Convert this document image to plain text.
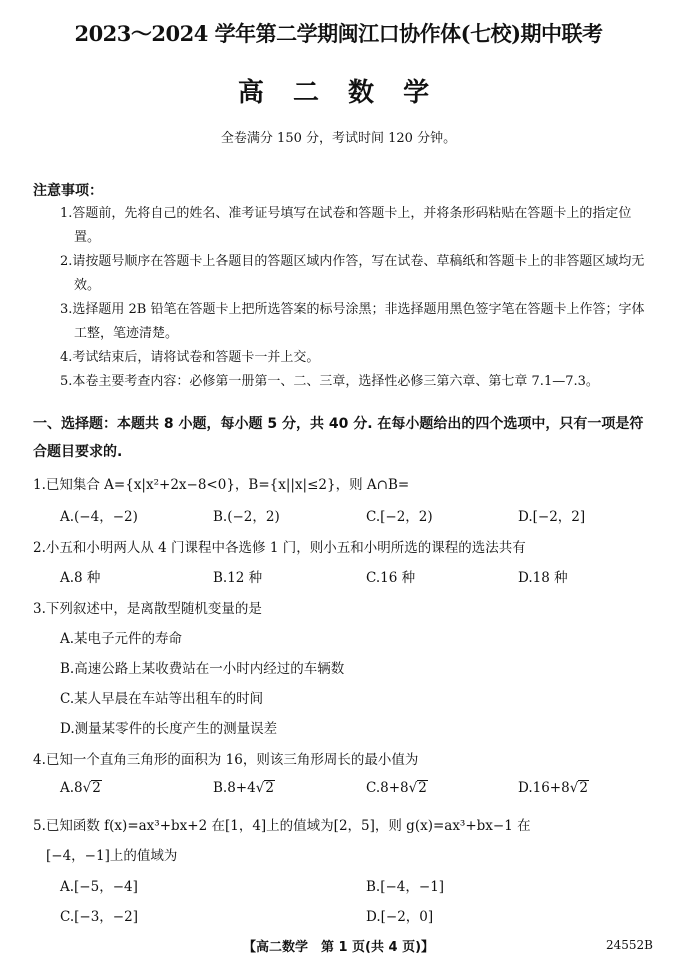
2023～2024 学年第二学期闽江口协作体(七校)期中联考
高 二 数 学
全卷满分 150 分，考试时间 120 分钟。
注意事项：

1.答题前，先将自己的姓名、准考证号填写在试卷和答题卡上，并将条形码粘贴在答题卡上的指定位置。

2.请按题号顺序在答题卡上各题目的答题区域内作答，写在试卷、草稿纸和答题卡上的非答题区域均无效。

3.选择题用 2B 铅笔在答题卡上把所选答案的标号涂黑；非选择题用黑色签字笔在答题卡上作答；字体工整，笔迹清楚。

4.考试结束后，请将试卷和答题卡一并上交。

5.本卷主要考查内容：必修第一册第一、二、三章，选择性必修三第六章、第七章 7.1—7.3。

一、选择题：本题共 8 小题，每小题 5 分，共 40 分. 在每小题给出的四个选项中，只有一项是符合题目要求的.
1.已知集合 A={x|x²+2x−8<0}，B={x||x|≤2}，则 A∩B=
A.(−4，−2)	B.(−2，2)	C.[−2，2)	D.[−2，2]
2.小五和小明两人从 4 门课程中各选修 1 门，则小五和小明所选的课程的选法共有
A.8 种	B.12 种	C.16 种	D.18 种
3.下列叙述中，是离散型随机变量的是
A.某电子元件的寿命
B.高速公路上某收费站在一小时内经过的车辆数
C.某人早晨在车站等出租车的时间
D.测量某零件的长度产生的测量误差
4.已知一个直角三角形的面积为 16，则该三角形周长的最小值为
A.8√2	B.8+4√2	C.8+8√2	D.16+8√2
5.已知函数 f(x)=ax³+bx+2 在[1，4]上的值域为[2，5]，则 g(x)=ax³+bx−1 在
[−4，−1]上的值域为
A.[−5，−4]	B.[−4，−1]
C.[−3，−2]	D.[−2，0]
【高二数学　第 1 页(共 4 页)】	24552B
